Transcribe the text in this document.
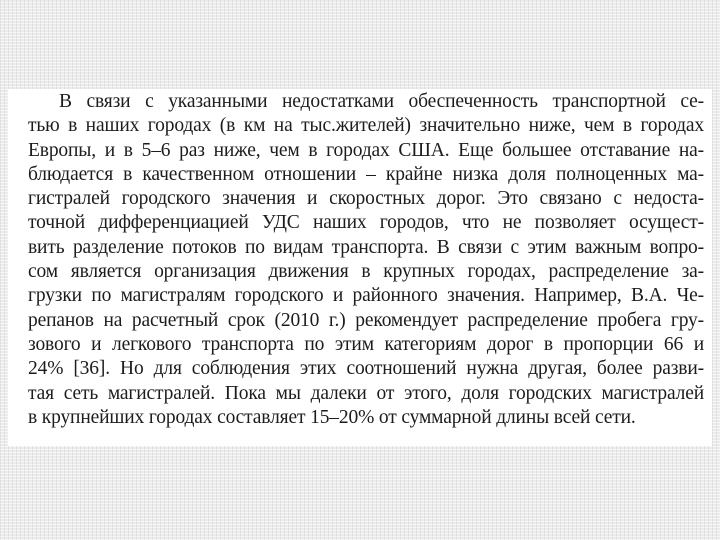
В связи с указанными недостатками обеспеченность транспортной се-
тью в наших городах (в км на тыс.жителей) значительно ниже, чем в городах
Европы, и в 5–6 раз ниже, чем в городах США. Еще большее отставание на-
блюдается в качественном отношении – крайне низка доля полноценных ма-
гистралей городского значения и скоростных дорог. Это связано с недоста-
точной дифференциацией УДС наших городов, что не позволяет осущест-
вить разделение потоков по видам транспорта. В связи с этим важным вопро-
сом является организация движения в крупных городах, распределение за-
грузки по магистралям городского и районного значения. Например, В.А. Че-
репанов на расчетный срок (2010 г.) рекомендует распределение пробега гру-
зового и легкового транспорта по этим категориям дорог в пропорции 66 и
24% [36]. Но для соблюдения этих соотношений нужна другая, более разви-
тая сеть магистралей. Пока мы далеки от этого, доля городских магистралей
в крупнейших городах составляет 15–20% от суммарной длины всей сети.
